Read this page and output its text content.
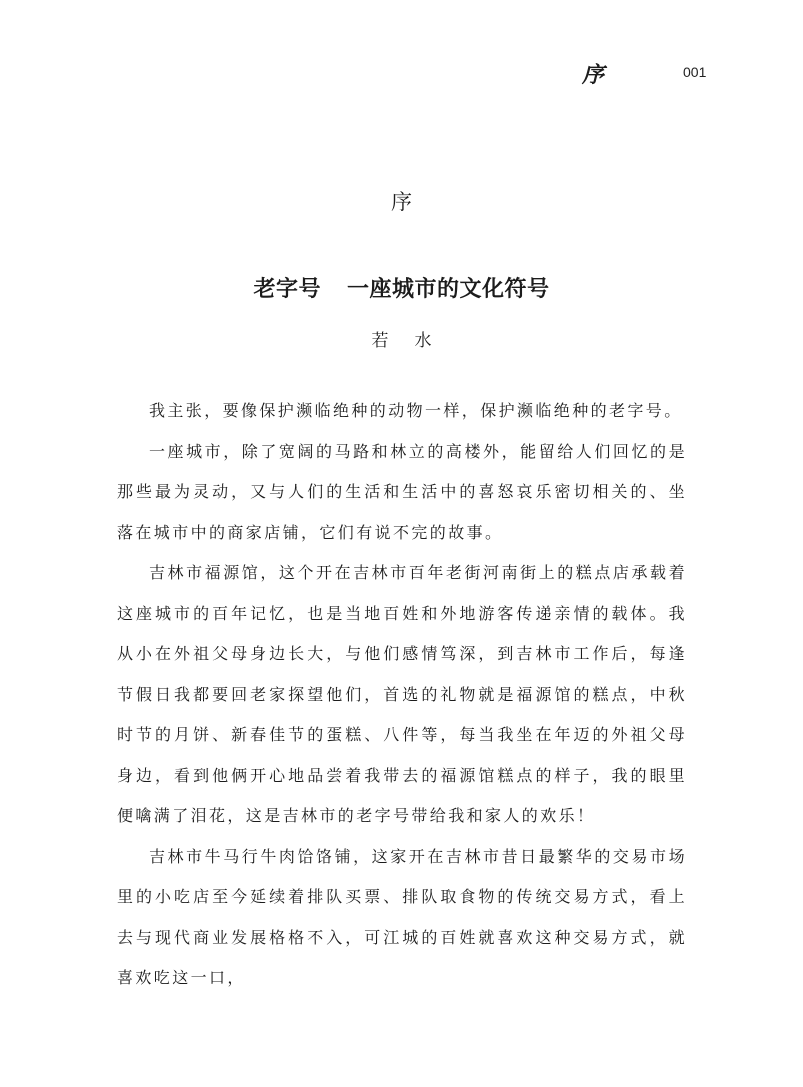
序	001
序
老字号 一座城市的文化符号
若 水

我主张，要像保护濒临绝种的动物一样，保护濒临绝种的老字号。

一座城市，除了宽阔的马路和林立的高楼外，能留给人们回忆的是那些最为灵动，又与人们的生活和生活中的喜怒哀乐密切相关的、坐落在城市中的商家店铺，它们有说不完的故事。

吉林市福源馆，这个开在吉林市百年老街河南街上的糕点店承载着这座城市的百年记忆，也是当地百姓和外地游客传递亲情的载体。我从小在外祖父母身边长大，与他们感情笃深，到吉林市工作后，每逢节假日我都要回老家探望他们，首选的礼物就是福源馆的糕点，中秋时节的月饼、新春佳节的蛋糕、八件等，每当我坐在年迈的外祖父母身边，看到他俩开心地品尝着我带去的福源馆糕点的样子，我的眼里便噙满了泪花，这是吉林市的老字号带给我和家人的欢乐！

吉林市牛马行牛肉饸饹铺，这家开在吉林市昔日最繁华的交易市场里的小吃店至今延续着排队买票、排队取食物的传统交易方式，看上去与现代商业发展格格不入，可江城的百姓就喜欢这种交易方式，就喜欢吃这一口，
